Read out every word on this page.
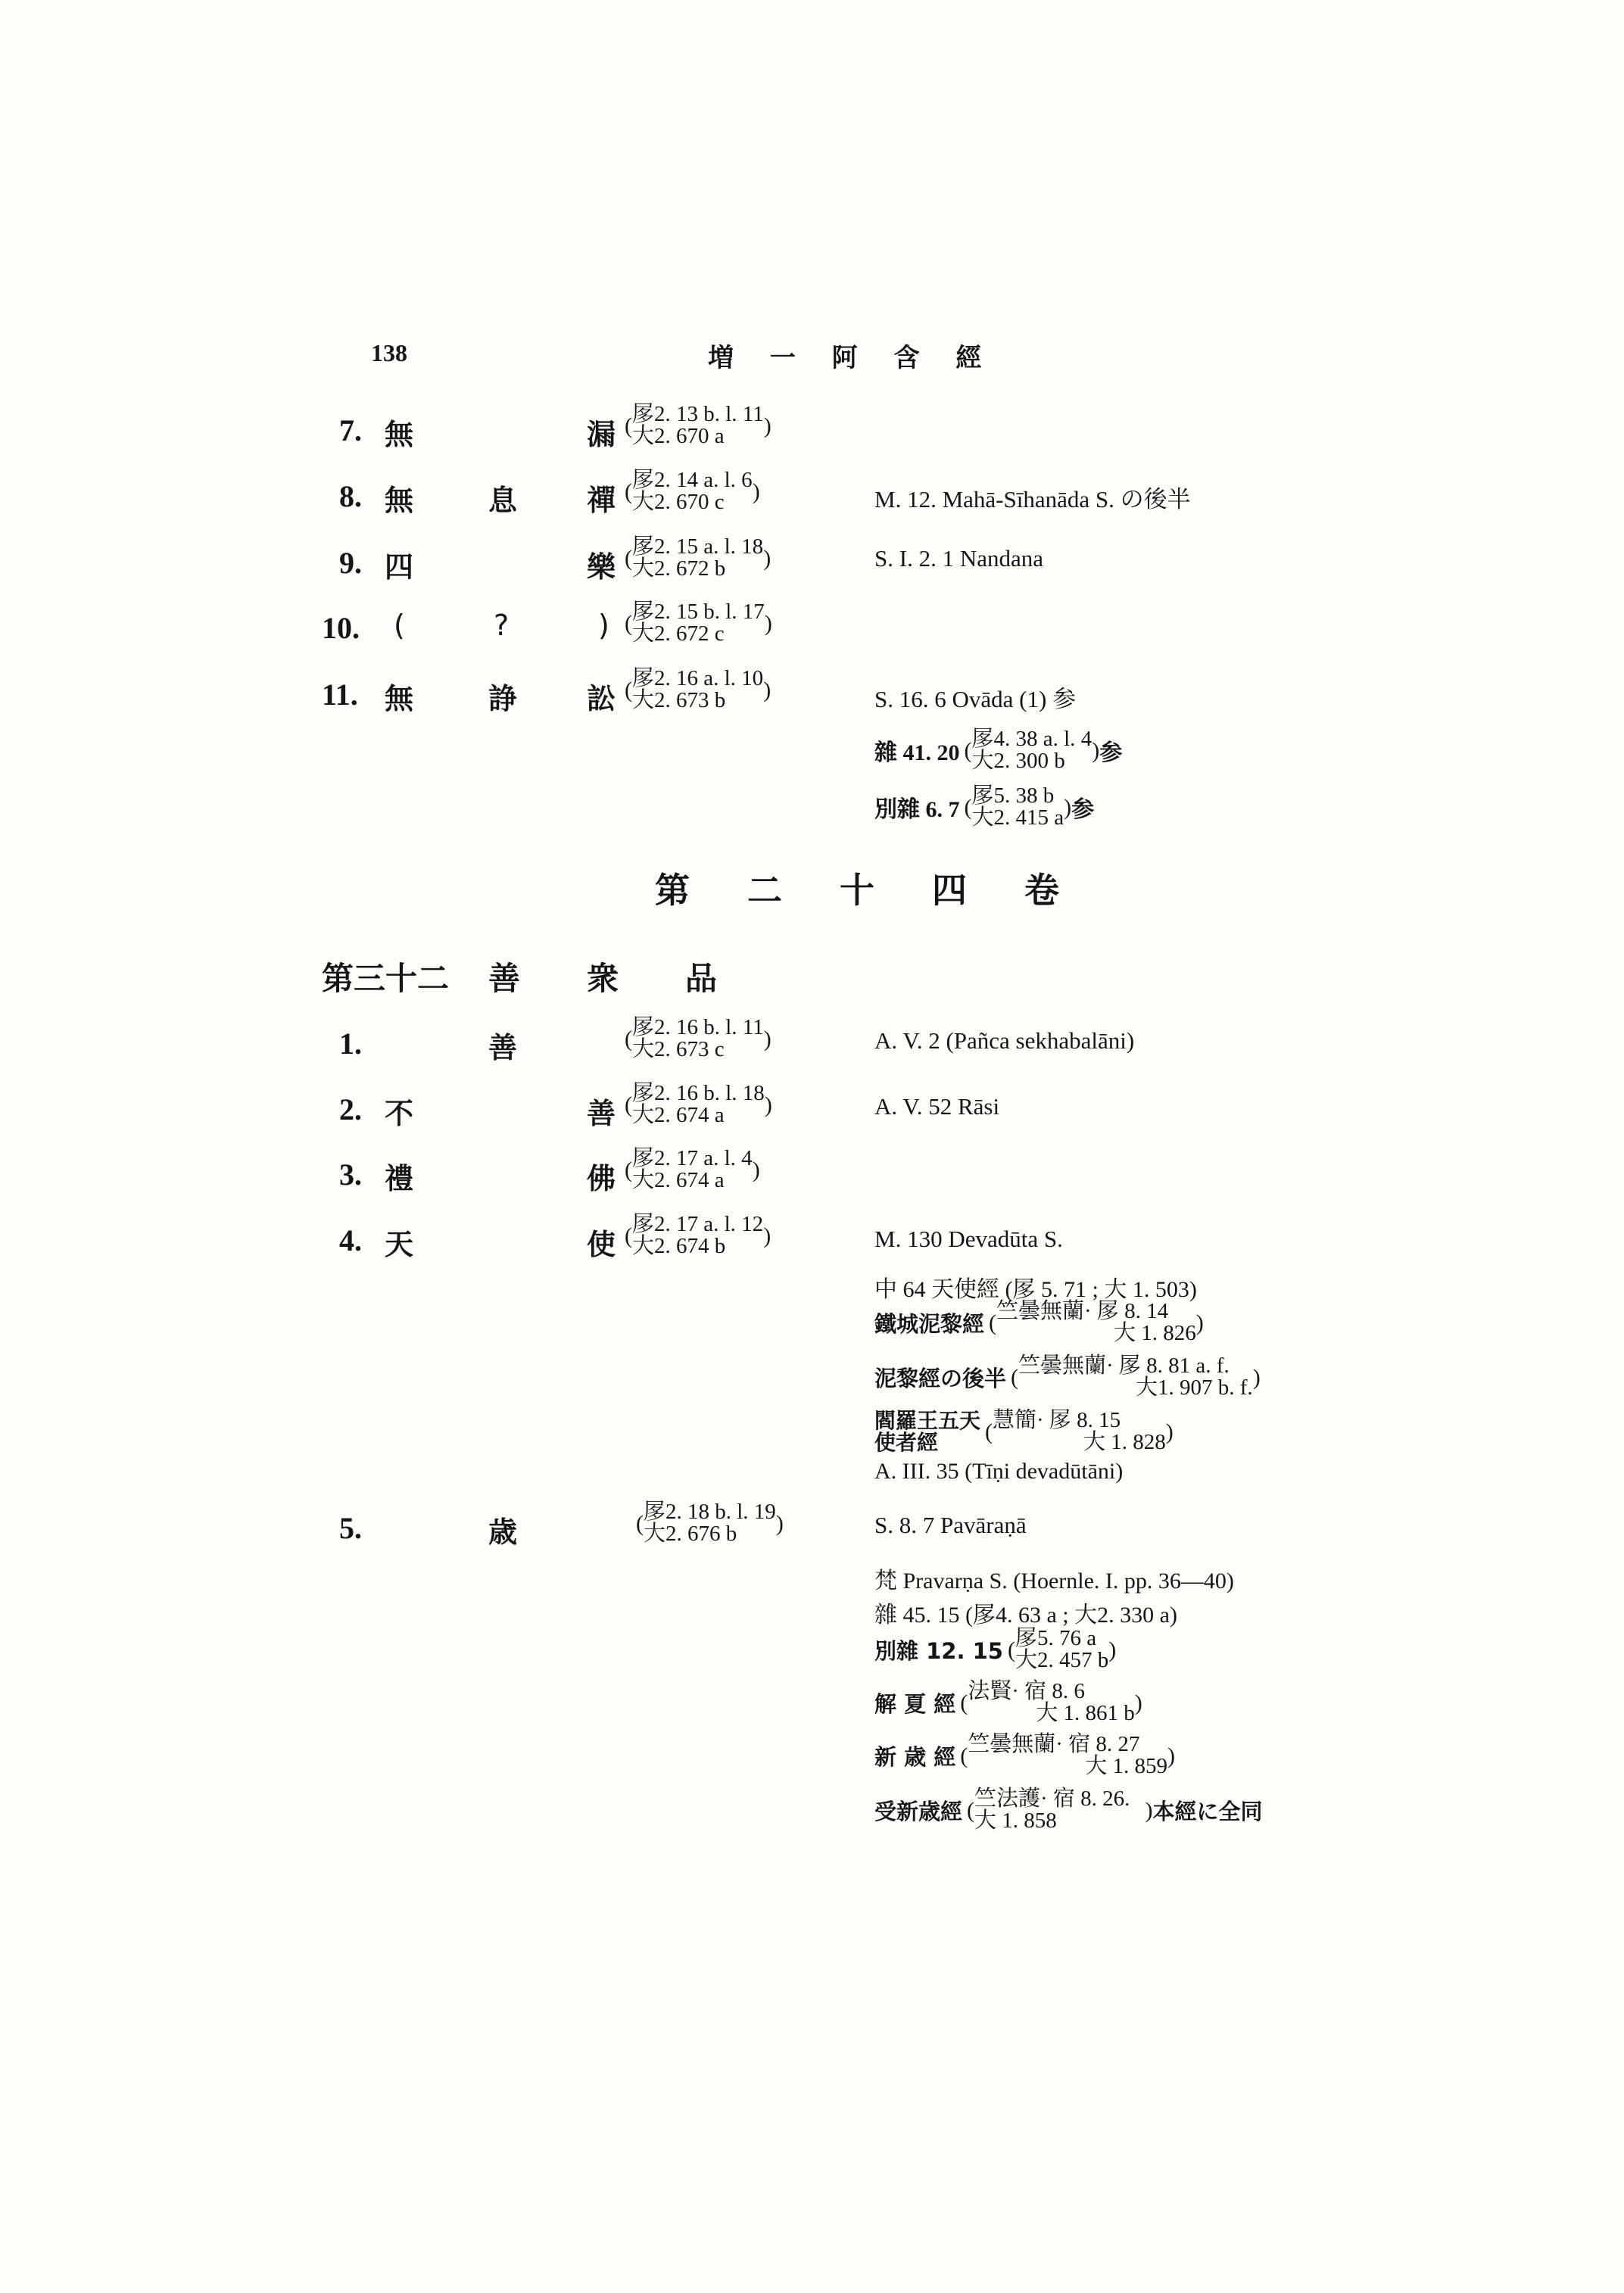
138	増 一 阿 含 經
7. 無	漏 ( 㞔2. 13 b. l. 11
大2. 670 a	)
8. 無	息 禪 ( 㞔2. 14 a. l. 6
大2. 670 c	)	M. 12. Mahā-Sīhanāda S. の後半
9. 四	樂 ( 㞔2. 15 a. l. 18
大2. 672 b	)	S. I. 2. 1 Nandana
10. (	?	) ( 㞔2. 15 b. l. 17
大2. 672 c	)
11. 無	諍 訟 ( 㞔2. 16 a. l. 10
大2. 673 b	)	S. 16. 6 Ovāda (1) 参
雜 41. 20 ( 㞔4. 38 a. l. 4
大2. 300 b	) 参
別雜 6. 7 ( 㞔5. 38 b
大2. 415 a ) 参
第 二 十 四 卷
第三十二 善 衆 品
1.	善	( 㞔2. 16 b. l. 11
大2. 673 c	)	A. V. 2 (Pañca sekhabalāni)
2. 不	善 ( 㞔2. 16 b. l. 18
大2. 674 a	)	A. V. 52 Rāsi
3. 禮	佛 ( 㞔2. 17 a. l. 4
大2. 674 a	)
4. 天	使 ( 㞔2. 17 a. l. 12
大2. 674 b	)	M. 130 Devadūta S.
中 64 天使經 (㞔 5. 71 ; 大 1. 503)
鐵城泥黎經 ( 竺曇無蘭· 㞔 8. 14
大 1. 826 )
泥黎經の後半 ( 竺曇無蘭· 㞔 8. 81 a. f.
大1. 907 b. f. )
閻羅王五天
使者經	( 慧簡· 㞔 8. 15
大 1. 828 )
A. III. 35 (Tīṇi devadūtāni)
5.	歳	( 㞔2. 18 b. l. 19
大2. 676 b	)	S. 8. 7 Pavāraṇā
梵 Pravarṇa S. (Hoernle. I. pp. 36—40)
雜 45. 15 (㞔4. 63 a ; 大2. 330 a)
別雜 12. 15 ( 㞔5. 76 a
大2. 457 b )
解 夏 經 ( 法賢· 宿 8. 6
大 1. 861 b )
新 歳 經 ( 竺曇無蘭· 宿 8. 27
大 1. 859 )
受新歳經 ( 竺法護· 宿 8. 26.
大 1. 858	) 本經に全同
